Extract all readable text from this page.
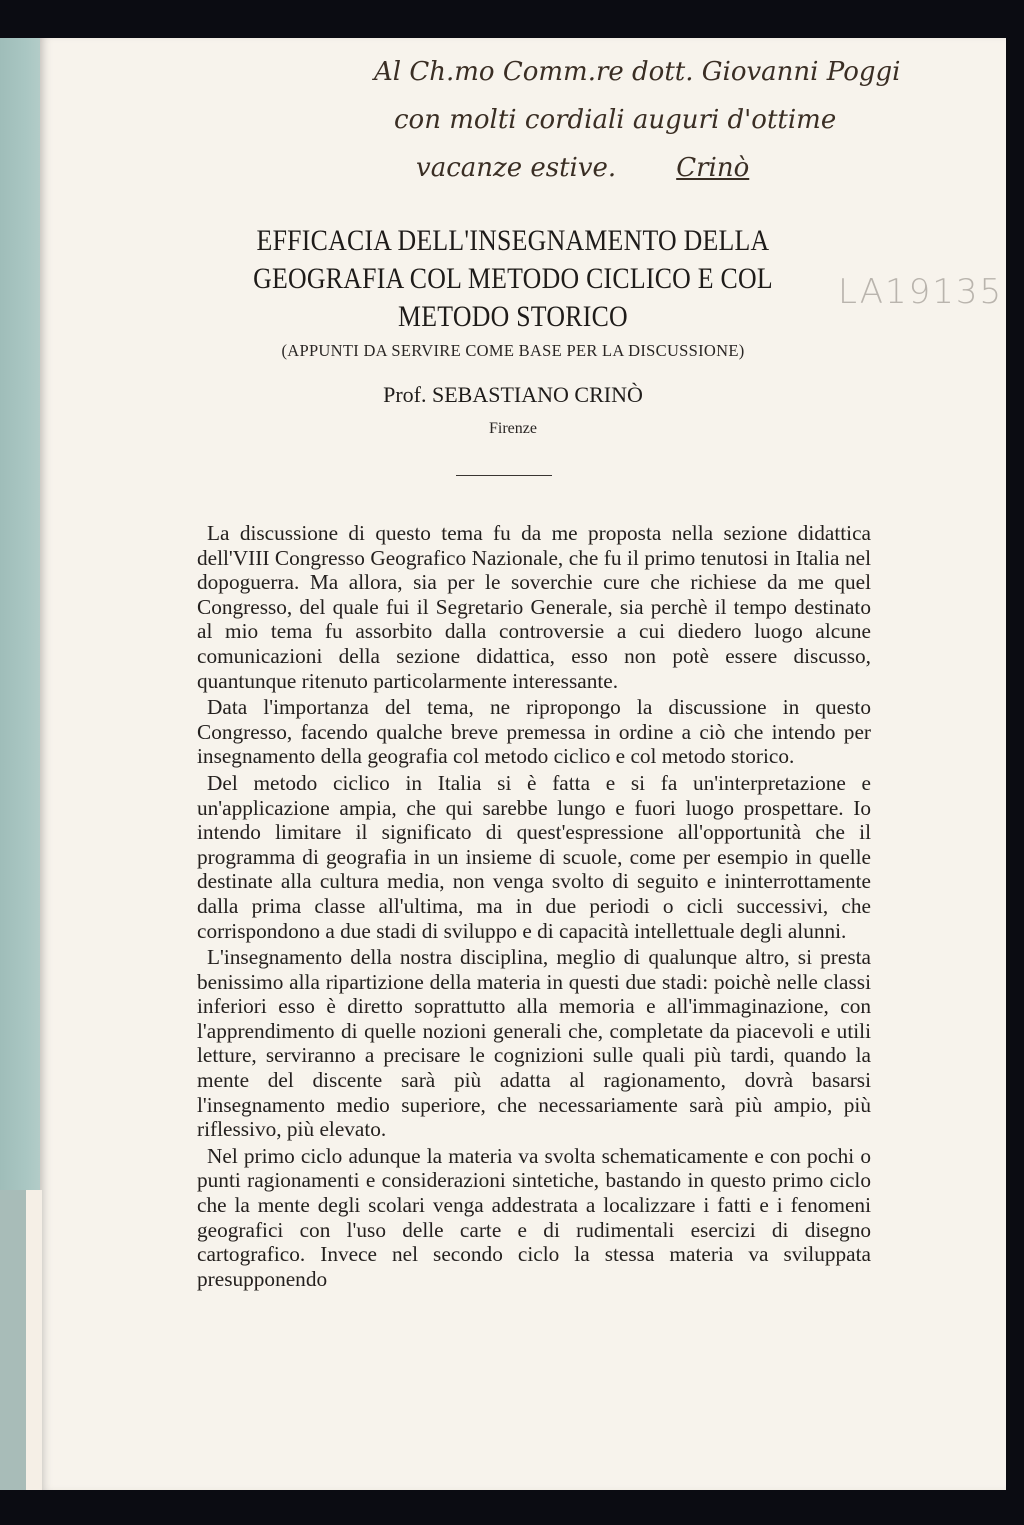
Al Ch.mo Comm.re dott. Giovanni Poggi
con molti cordiali auguri d'ottime
vacanze estive. Crinò
LA19135
EFFICACIA DELL'INSEGNAMENTO DELLA
GEOGRAFIA COL METODO CICLICO E COL
METODO STORICO
(APPUNTI DA SERVIRE COME BASE PER LA DISCUSSIONE)
Prof. SEBASTIANO CRINÒ
Firenze

La discussione di questo tema fu da me proposta nella sezione didattica dell'VIII Congresso Geografico Nazionale, che fu il primo tenutosi in Italia nel dopoguerra. Ma allora, sia per le soverchie cure che richiese da me quel Congresso, del quale fui il Segretario Generale, sia perchè il tempo destinato al mio tema fu assorbito dalla controversie a cui diedero luogo alcune comunicazioni della sezione didattica, esso non potè essere discusso, quantunque ritenuto particolarmente interessante.

Data l'importanza del tema, ne ripropongo la discussione in questo Congresso, facendo qualche breve premessa in ordine a ciò che intendo per insegnamento della geografia col metodo ciclico e col metodo storico.

Del metodo ciclico in Italia si è fatta e si fa un'interpretazione e un'applicazione ampia, che qui sarebbe lungo e fuori luogo prospettare. Io intendo limitare il significato di quest'espressione all'opportunità che il programma di geografia in un insieme di scuole, come per esempio in quelle destinate alla cultura media, non venga svolto di seguito e ininterrottamente dalla prima classe all'ultima, ma in due periodi o cicli successivi, che corrispondono a due stadi di sviluppo e di capacità intellettuale degli alunni.

L'insegnamento della nostra disciplina, meglio di qualunque altro, si presta benissimo alla ripartizione della materia in questi due stadi: poichè nelle classi inferiori esso è diretto soprattutto alla memoria e all'immaginazione, con l'apprendimento di quelle nozioni generali che, completate da piacevoli e utili letture, serviranno a precisare le cognizioni sulle quali più tardi, quando la mente del discente sarà più adatta al ragionamento, dovrà basarsi l'insegnamento medio superiore, che necessariamente sarà più ampio, più riflessivo, più elevato.

Nel primo ciclo adunque la materia va svolta schematicamente e con pochi o punti ragionamenti e considerazioni sintetiche, bastando in questo primo ciclo che la mente degli scolari venga addestrata a localizzare i fatti e i fenomeni geografici con l'uso delle carte e di rudimentali esercizi di disegno cartografico. Invece nel secondo ciclo la stessa materia va sviluppata presupponendo
